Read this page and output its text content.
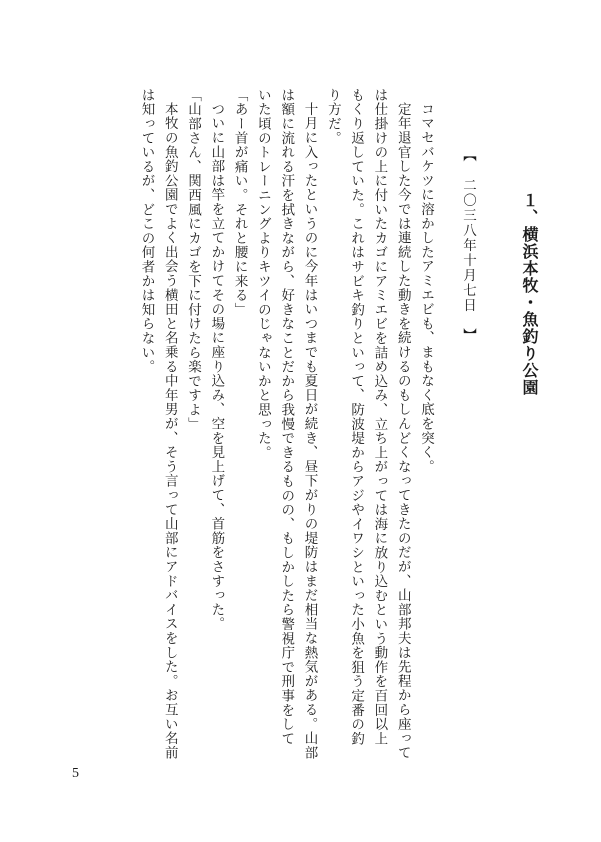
１、横浜本牧・魚釣り公園
【　二〇三八年十月七日　】

コマセバケツに溶かしたアミエビも、まもなく底を突く。

定年退官した今では連続した動きを続けるのもしんどくなってきたのだが、山部邦夫は先程から座っては仕掛けの上に付いたカゴにアミエビを詰め込み、立ち上がっては海に放り込むという動作を百回以上もくり返していた。これはサビキ釣りといって、防波堤からアジやイワシといった小魚を狙う定番の釣り方だ。

十月に入ったというのに今年はいつまでも夏日が続き、昼下がりの堤防はまだ相当な熱気がある。山部は額に流れる汗を拭きながら、好きなことだから我慢できるものの、もしかしたら警視庁で刑事をしていた頃のトレーニングよりキツイのじゃないかと思った。

「あー首が痛い。それと腰に来る」

ついに山部は竿を立てかけてその場に座り込み、空を見上げて、首筋をさすった。

「山部さん、関西風にカゴを下に付けたら楽ですよ」

本牧の魚釣公園でよく出会う横田と名乗る中年男が、そう言って山部にアドバイスをした。お互い名前は知っているが、どこの何者かは知らない。

5
